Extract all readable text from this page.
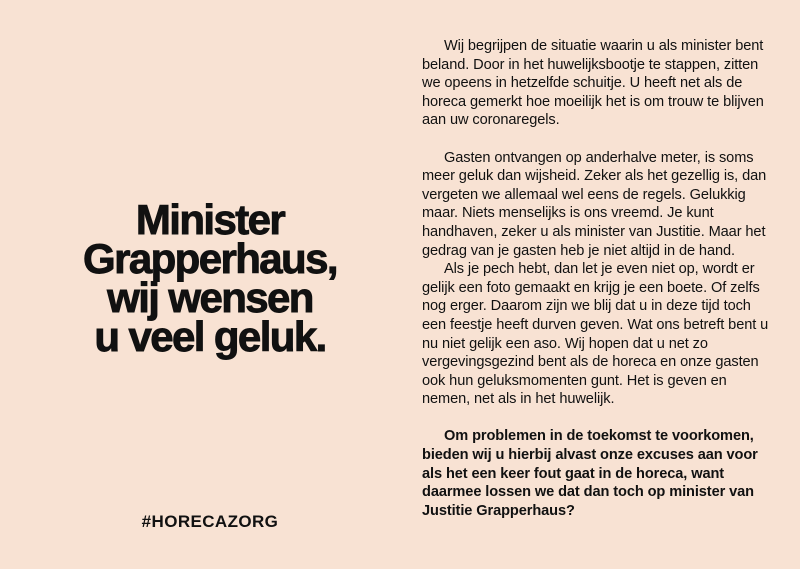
Minister
Grapperhaus,
wij wensen
u veel geluk.
#HORECAZORG

Wij begrijpen de situatie waarin u als minister bent beland. Door in het huwelijksbootje te stappen, zitten we opeens in hetzelfde schuitje. U heeft net als de horeca gemerkt hoe moeilijk het is om trouw te blijven aan uw coronaregels.

Gasten ontvangen op anderhalve meter, is soms meer geluk dan wijsheid. Zeker als het gezellig is, dan vergeten we allemaal wel eens de regels. Gelukkig maar. Niets menselijks is ons vreemd. Je kunt handhaven, zeker u als minister van Justitie. Maar het gedrag van je gasten heb je niet altijd in de hand.

Als je pech hebt, dan let je even niet op, wordt er gelijk een foto gemaakt en krijg je een boete. Of zelfs nog erger. Daarom zijn we blij dat u in deze tijd toch een feestje heeft durven geven. Wat ons betreft bent u nu niet gelijk een aso. Wij hopen dat u net zo vergevingsgezind bent als de horeca en onze gasten ook hun geluksmomenten gunt. Het is geven en nemen, net als in het huwelijk.

Om problemen in de toekomst te voorkomen, bieden wij u hierbij alvast onze excuses aan voor als het een keer fout gaat in de horeca, want daarmee lossen we dat dan toch op minister van Justitie Grapperhaus?
